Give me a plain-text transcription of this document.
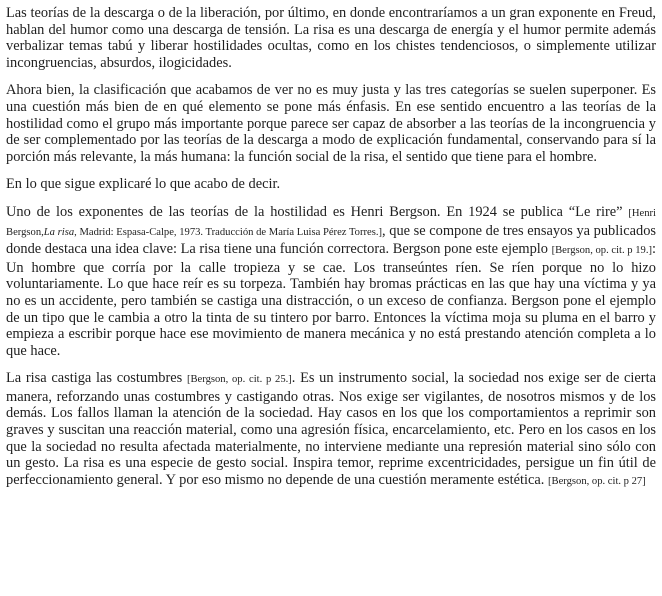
Las teorías de la descarga o de la liberación, por último, en donde encontraríamos a un gran exponente en Freud, hablan del humor como una descarga de tensión. La risa es una descarga de energía y el humor permite además verbalizar temas tabú y liberar hostilidades ocultas, como en los chistes tendenciosos, o simplemente utilizar incongruencias, absurdos, ilogicidades.

Ahora bien, la clasificación que acabamos de ver no es muy justa y las tres categorías se suelen superponer. Es una cuestión más bien de en qué elemento se pone más énfasis. En ese sentido encuentro a las teorías de la hostilidad como el grupo más importante porque parece ser capaz de absorber a las teorías de la incongruencia y de ser complementado por las teorías de la descarga a modo de explicación fundamental, conservando para sí la porción más relevante, la más humana: la función social de la risa, el sentido que tiene para el hombre.

En lo que sigue explicaré lo que acabo de decir.

Uno de los exponentes de las teorías de la hostilidad es Henri Bergson. En 1924 se publica “Le rire” [Henri Bergson,La risa, Madrid: Espasa-Calpe, 1973. Traducción de María Luisa Pérez Torres.], que se compone de tres ensayos ya publicados donde destaca una idea clave: La risa tiene una función correctora. Bergson pone este ejemplo [Bergson, op. cit. p 19.]: Un hombre que corría por la calle tropieza y se cae. Los transeúntes ríen. Se ríen porque no lo hizo voluntariamente. Lo que hace reír es su torpeza. También hay bromas prácticas en las que hay una víctima y ya no es un accidente, pero también se castiga una distracción, o un exceso de confianza. Bergson pone el ejemplo de un tipo que le cambia a otro la tinta de su tintero por barro. Entonces la víctima moja su pluma en el barro y empieza a escribir porque hace ese movimiento de manera mecánica y no está prestando atención completa a lo que hace.

La risa castiga las costumbres [Bergson, op. cit. p 25.]. Es un instrumento social, la sociedad nos exige ser de cierta manera, reforzando unas costumbres y castigando otras. Nos exige ser vigilantes, de nosotros mismos y de los demás. Los fallos llaman la atención de la sociedad. Hay casos en los que los comportamientos a reprimir son graves y suscitan una reacción material, como una agresión física, encarcelamiento, etc. Pero en los casos en los que la sociedad no resulta afectada materialmente, no interviene mediante una represión material sino sólo con un gesto. La risa es una especie de gesto social. Inspira temor, reprime excentricidades, persigue un fin útil de perfeccionamiento general. Y por eso mismo no depende de una cuestión meramente estética. [Bergson, op. cit. p 27]
